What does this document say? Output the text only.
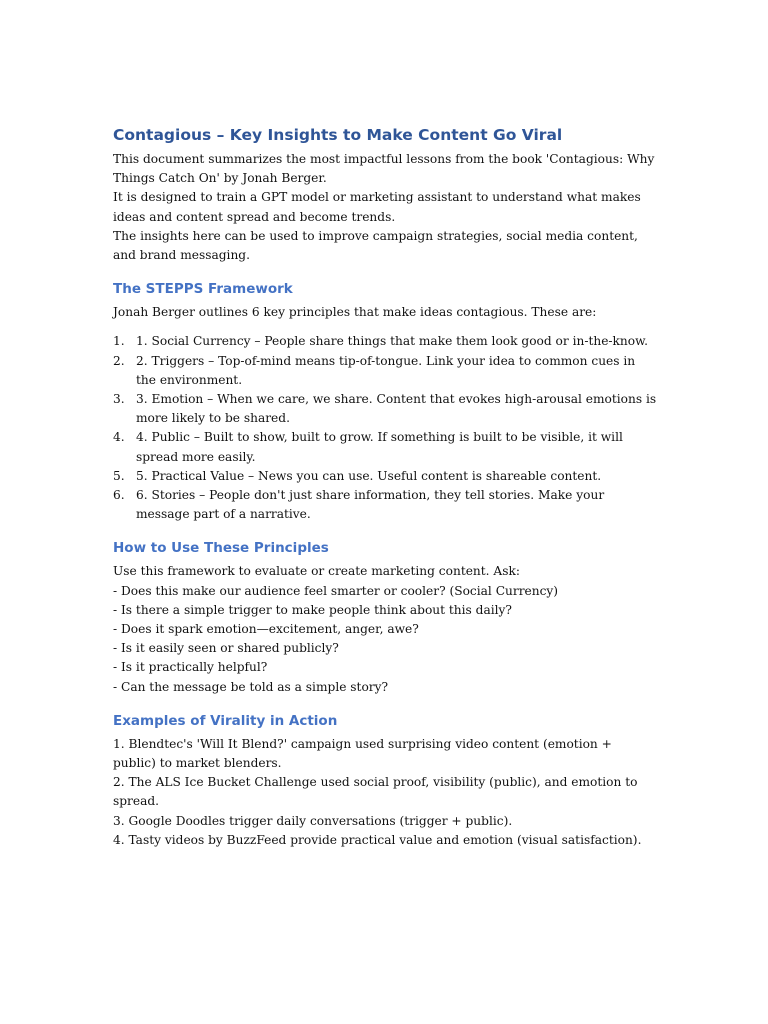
Contagious – Key Insights to Make Content Go Viral

This document summarizes the most impactful lessons from the book 'Contagious: Why Things Catch On' by Jonah Berger.

It is designed to train a GPT model or marketing assistant to understand what makes ideas and content spread and become trends.

The insights here can be used to improve campaign strategies, social media content, and brand messaging.

The STEPPS Framework

Jonah Berger outlines 6 key principles that make ideas contagious. These are:

1. 1. Social Currency – People share things that make them look good or in-the-know.
2. 2. Triggers – Top-of-mind means tip-of-tongue. Link your idea to common cues in the environment.
3. 3. Emotion – When we care, we share. Content that evokes high-arousal emotions is more likely to be shared.
4. 4. Public – Built to show, built to grow. If something is built to be visible, it will spread more easily.
5. 5. Practical Value – News you can use. Useful content is shareable content.
6. 6. Stories – People don't just share information, they tell stories. Make your message part of a narrative.
How to Use These Principles

Use this framework to evaluate or create marketing content. Ask:

- Does this make our audience feel smarter or cooler? (Social Currency)

- Is there a simple trigger to make people think about this daily?

- Does it spark emotion—excitement, anger, awe?

- Is it easily seen or shared publicly?

- Is it practically helpful?

- Can the message be told as a simple story?

Examples of Virality in Action

1. Blendtec's 'Will It Blend?' campaign used surprising video content (emotion + public) to market blenders.

2. The ALS Ice Bucket Challenge used social proof, visibility (public), and emotion to spread.

3. Google Doodles trigger daily conversations (trigger + public).

4. Tasty videos by BuzzFeed provide practical value and emotion (visual satisfaction).
